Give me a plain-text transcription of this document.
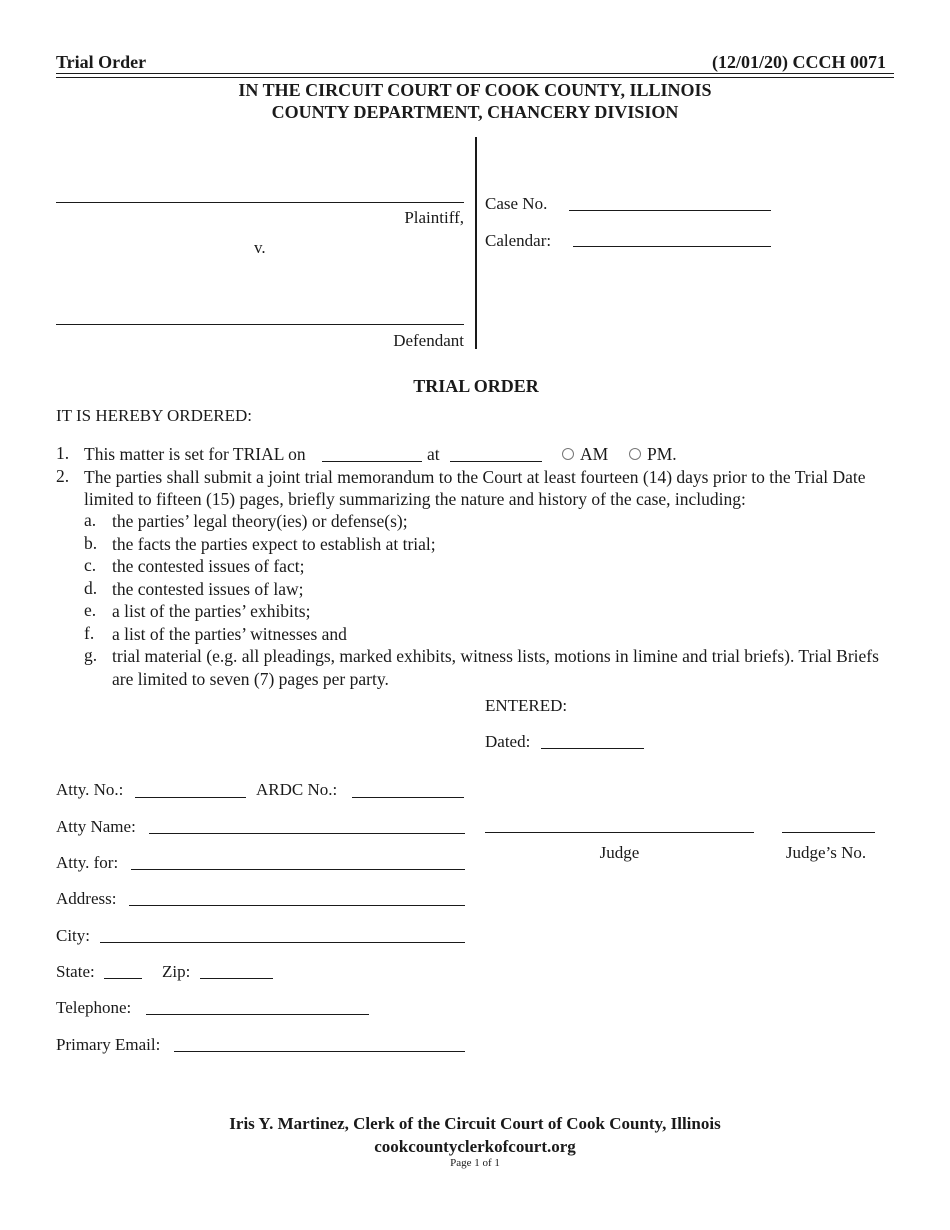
Trial Order	(12/01/20) CCCH 0071
IN THE CIRCUIT COURT OF COOK COUNTY, ILLINOIS
COUNTY DEPARTMENT, CHANCERY DIVISION
Plaintiff,
v.
Defendant
Case No.
Calendar:
TRIAL ORDER
IT IS HEREBY ORDERED:
1. This matter is set for TRIAL on	at	AM	PM.
2. The parties shall submit a joint trial memorandum to the Court at least fourteen (14) days prior to the Trial Date
limited to fifteen (15) pages, briefly summarizing the nature and history of the case, including:
a. the parties’ legal theory(ies) or defense(s);
b. the facts the parties expect to establish at trial;
c. the contested issues of fact;
d. the contested issues of law;
e. a list of the parties’ exhibits;
f. a list of the parties’ witnesses and
g. trial material (e.g. all pleadings, marked exhibits, witness lists, motions in limine and trial briefs). Trial Briefs
are limited to seven (7) pages per party.
ENTERED:
Dated:
Judge	Judge’s No.
Atty. No.:	ARDC No.:
Atty Name:
Atty. for:
Address:
City:
State:	Zip:
Telephone:
Primary Email:
Iris Y. Martinez, Clerk of the Circuit Court of Cook County, Illinois
cookcountyclerkofcourt.org
Page 1 of 1
